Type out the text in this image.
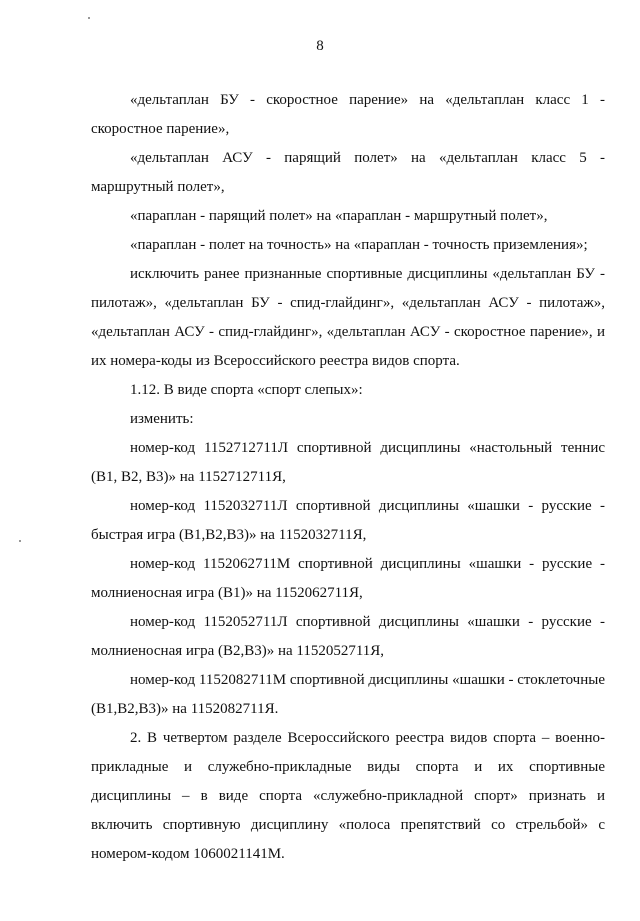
8

«дельтаплан БУ - скоростное парение» на «дельтаплан класс 1 - скоростное парение»,

«дельтаплан АСУ - парящий полет» на «дельтаплан класс 5 - маршрутный полет»,

«параплан - парящий полет» на «параплан - маршрутный полет»,

«параплан - полет на точность» на «параплан - точность приземления»;

исключить ранее признанные спортивные дисциплины «дельтаплан БУ - пилотаж», «дельтаплан БУ - спид-глайдинг», «дельтаплан АСУ - пилотаж», «дельтаплан АСУ - спид-глайдинг», «дельтаплан АСУ - скоростное парение», и их номера-коды из Всероссийского реестра видов спорта.

1.12. В виде спорта «спорт слепых»:

изменить:

номер-код 1152712711Л спортивной дисциплины «настольный теннис (В1, В2, В3)» на 1152712711Я,

номер-код 1152032711Л спортивной дисциплины «шашки - русские - быстрая игра (В1,В2,В3)» на 1152032711Я,

номер-код 1152062711М спортивной дисциплины «шашки - русские - молниеносная игра (В1)» на 1152062711Я,

номер-код 1152052711Л спортивной дисциплины «шашки - русские - молниеносная игра (В2,В3)» на 1152052711Я,

номер-код 1152082711М спортивной дисциплины «шашки - стоклеточные (В1,В2,В3)» на 1152082711Я.

2. В четвертом разделе Всероссийского реестра видов спорта – военно-прикладные и служебно-прикладные виды спорта и их спортивные дисциплины – в виде спорта «служебно-прикладной спорт» признать и включить спортивную дисциплину «полоса препятствий со стрельбой» с номером-кодом 1060021141М.
